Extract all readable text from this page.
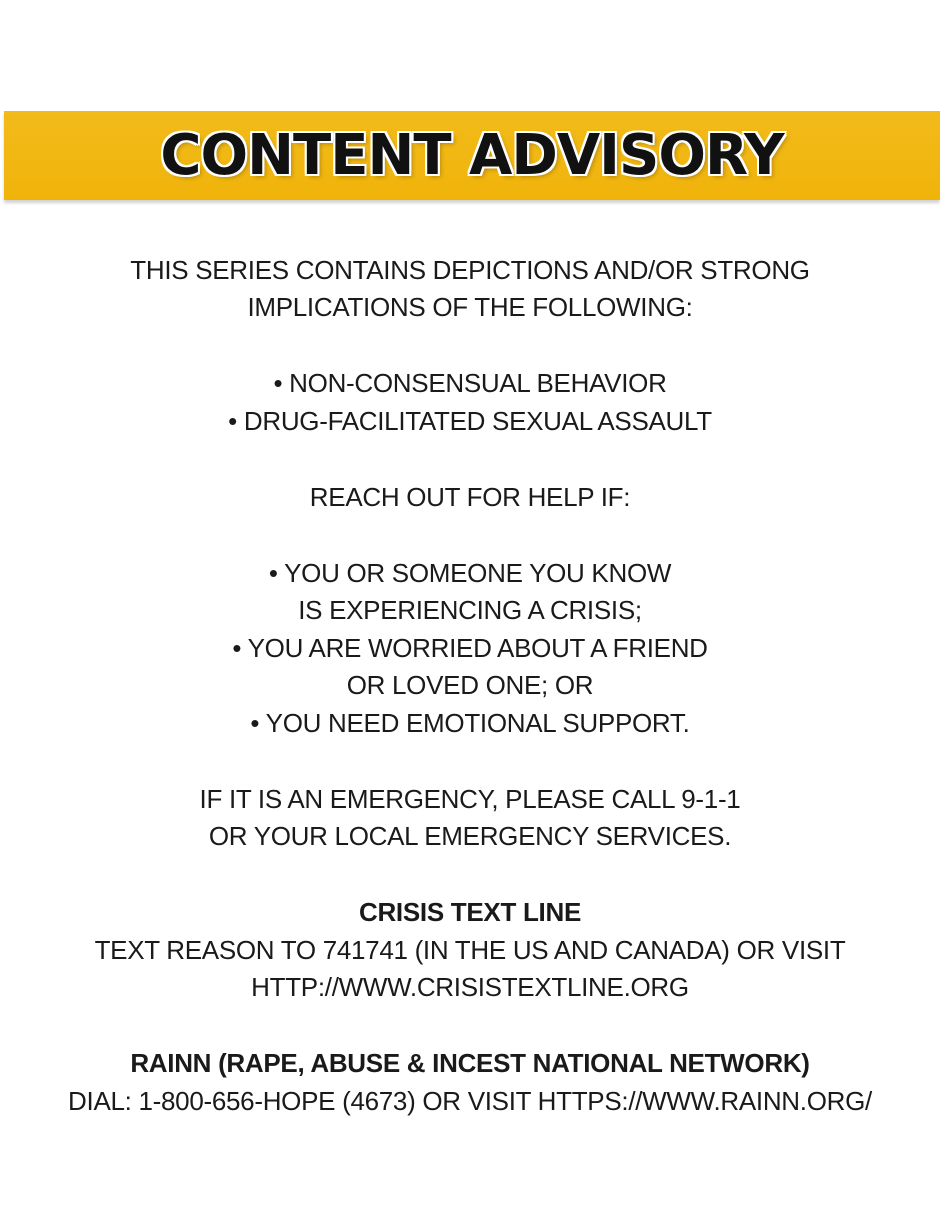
CONTENT ADVISORY
THIS SERIES CONTAINS DEPICTIONS AND/OR STRONG
IMPLICATIONS OF THE FOLLOWING:
• NON-CONSENSUAL BEHAVIOR
• DRUG-FACILITATED SEXUAL ASSAULT
REACH OUT FOR HELP IF:
• YOU OR SOMEONE YOU KNOW
IS EXPERIENCING A CRISIS;
• YOU ARE WORRIED ABOUT A FRIEND
OR LOVED ONE; OR
• YOU NEED EMOTIONAL SUPPORT.
IF IT IS AN EMERGENCY, PLEASE CALL 9-1-1
OR YOUR LOCAL EMERGENCY SERVICES.
CRISIS TEXT LINE
TEXT REASON TO 741741 (IN THE US AND CANADA) OR VISIT
HTTP://WWW.CRISISTEXTLINE.ORG
RAINN (RAPE, ABUSE & INCEST NATIONAL NETWORK)
DIAL: 1-800-656-HOPE (4673) OR VISIT HTTPS://WWW.RAINN.ORG/
